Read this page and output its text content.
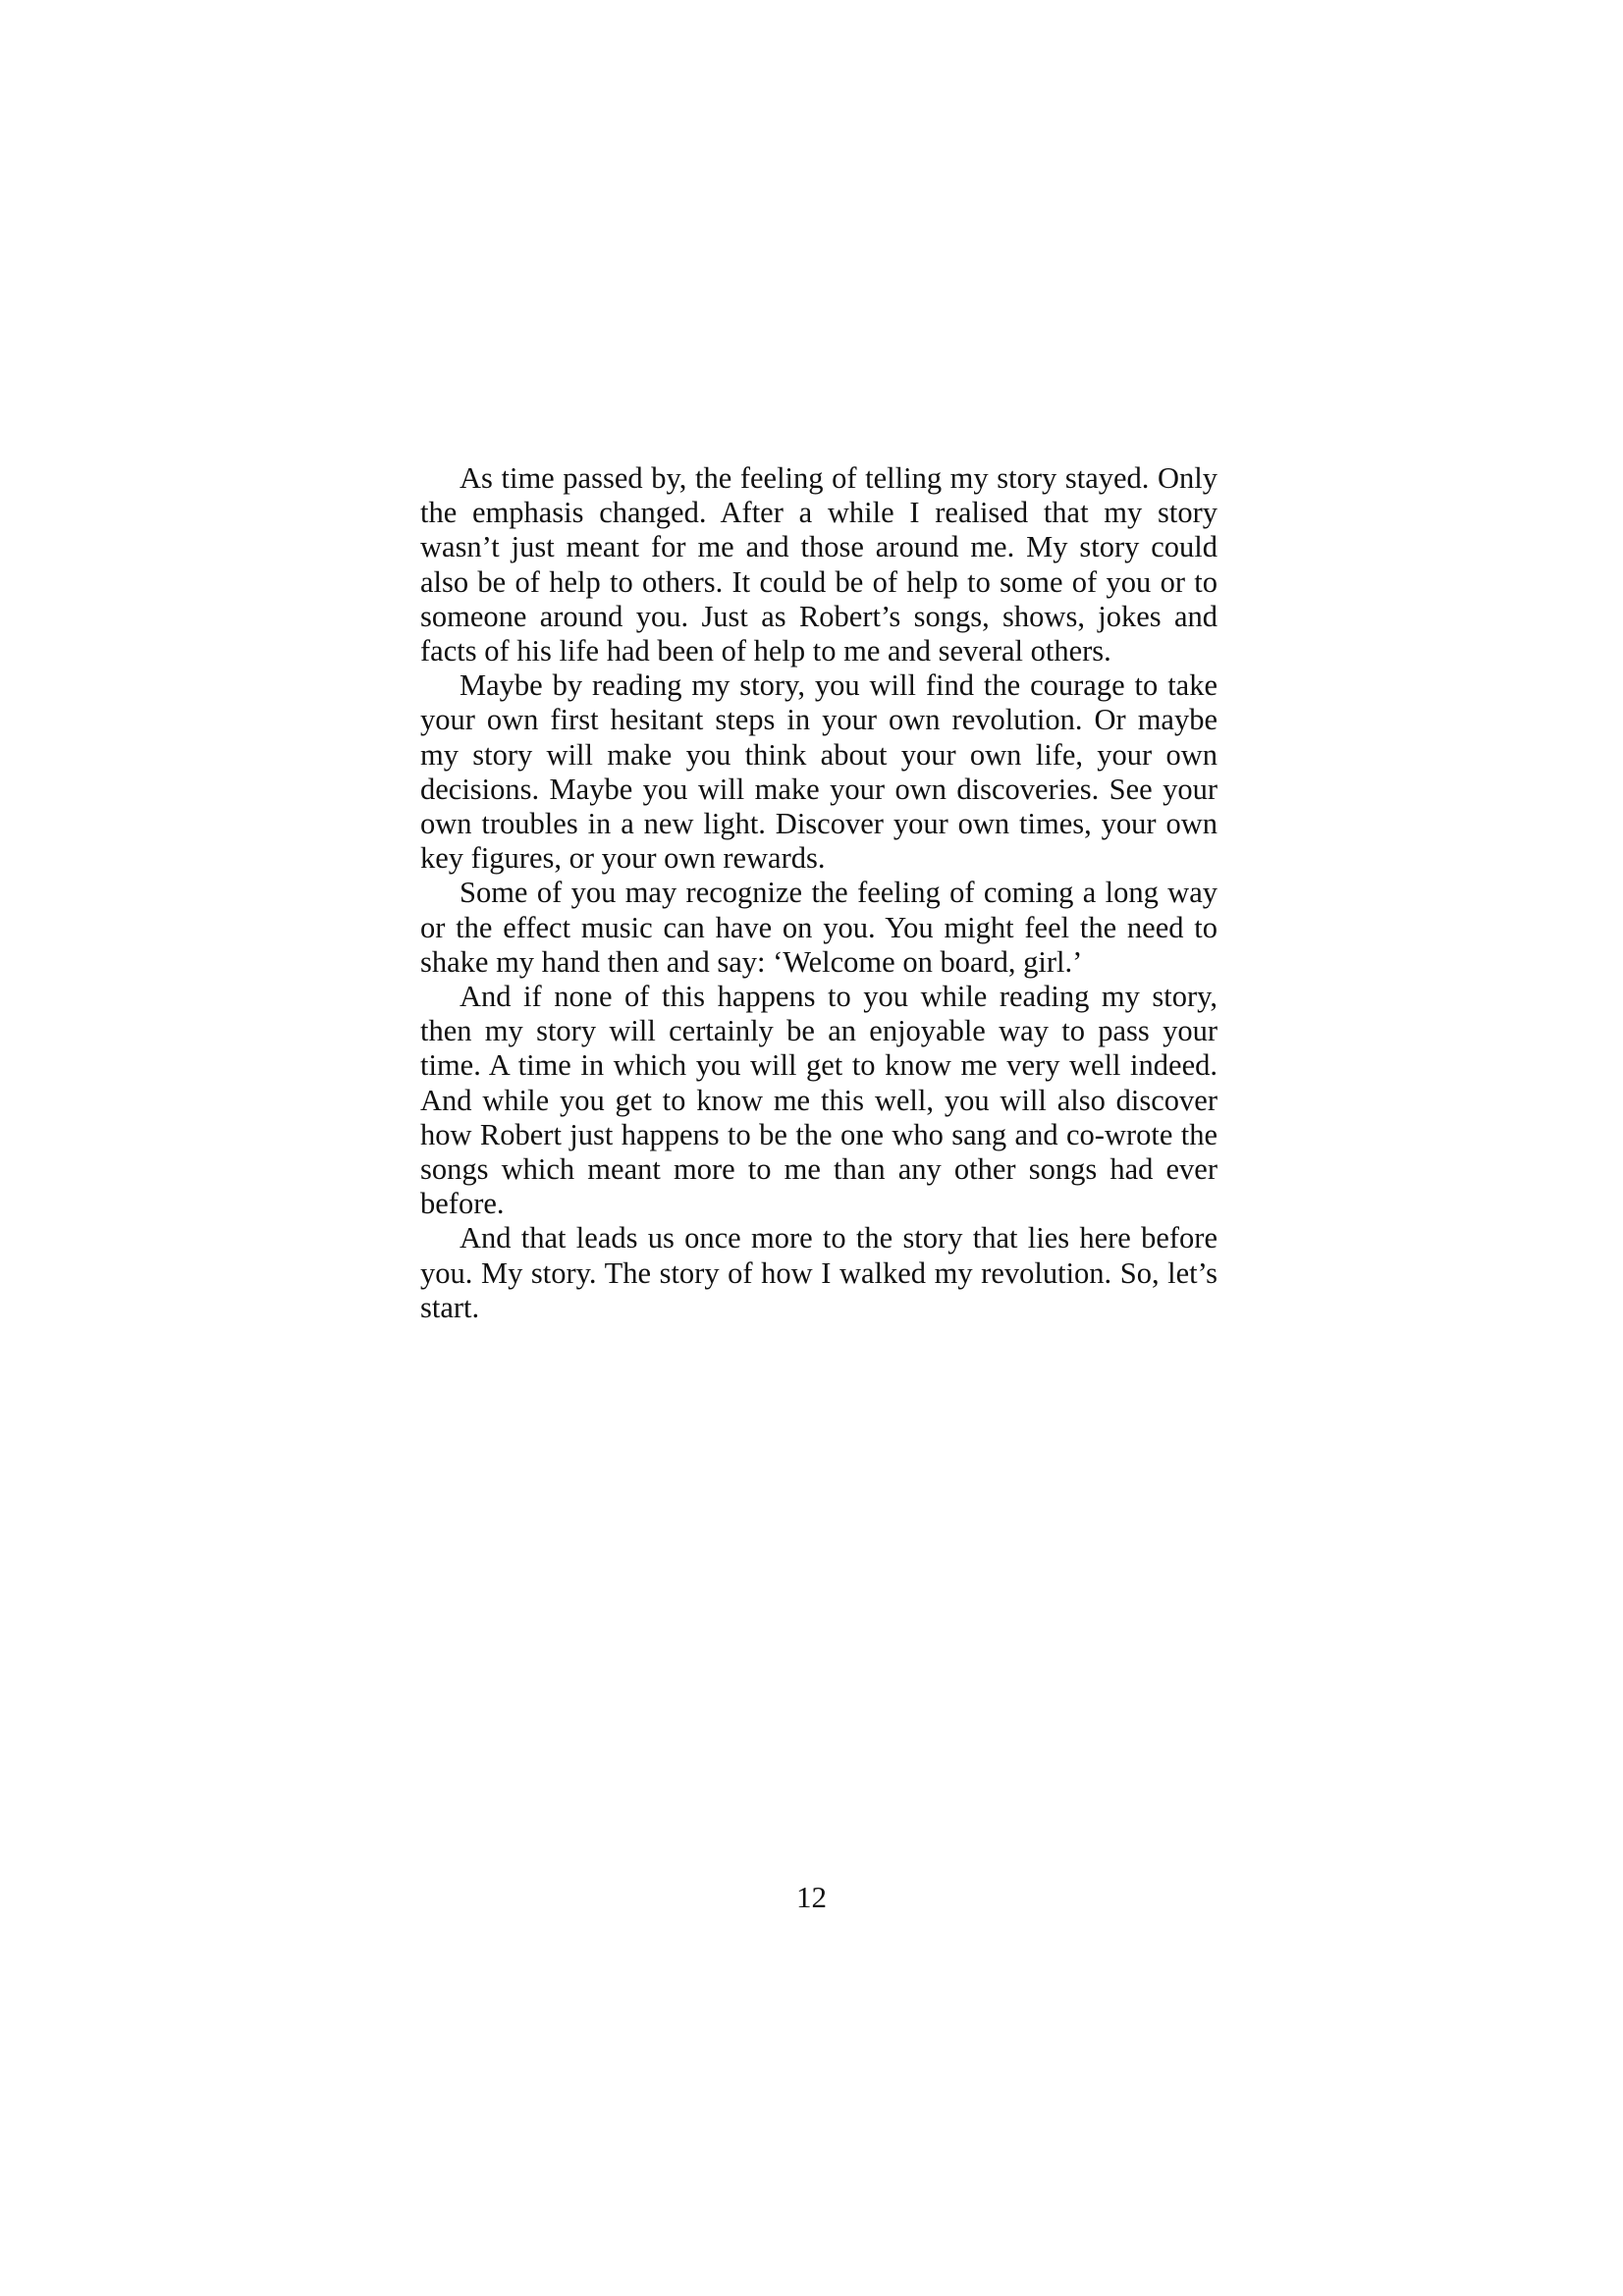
As time passed by, the feeling of telling my story stayed. Only the emphasis changed. After a while I realised that my story wasn’t just meant for me and those around me. My story could also be of help to others. It could be of help to some of you or to someone around you. Just as Robert’s songs, shows, jokes and facts of his life had been of help to me and several others.

Maybe by reading my story, you will find the courage to take your own first hesitant steps in your own revolution. Or maybe my story will make you think about your own life, your own decisions. Maybe you will make your own discoveries. See your own troubles in a new light. Discover your own times, your own key figures, or your own rewards.

Some of you may recognize the feeling of coming a long way or the effect music can have on you. You might feel the need to shake my hand then and say: ‘Welcome on board, girl.’

And if none of this happens to you while reading my story, then my story will certainly be an enjoyable way to pass your time. A time in which you will get to know me very well indeed. And while you get to know me this well, you will also discover how Robert just happens to be the one who sang and co-wrote the songs which meant more to me than any other songs had ever before.

And that leads us once more to the story that lies here before you. My story. The story of how I walked my revolution. So, let’s start.

12
